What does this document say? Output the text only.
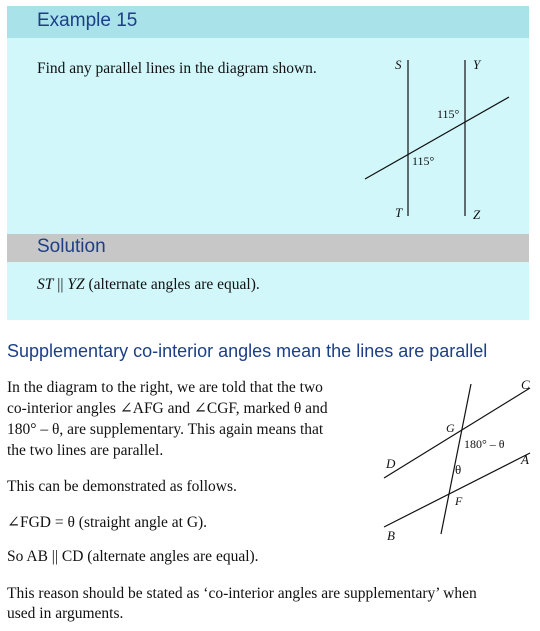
Example 15
Find any parallel lines in the diagram shown.	S	Y
T	Z
115°
115°
Solution
ST || YZ (alternate angles are equal).
Supplementary co-interior angles mean the lines are parallel
In the diagram to the right, we are told that the two
co-interior angles ∠AFG and ∠CGF, marked θ and
180° – θ, are supplementary. This again means that
the two lines are parallel.
This can be demonstrated as follows.
∠FGD = θ (straight angle at G).
So AB || CD (alternate angles are equal).
This reason should be stated as ‘co-interior angles are supplementary’ when
used in arguments.
C
G
180° – θ
D	A
θ
F
B
